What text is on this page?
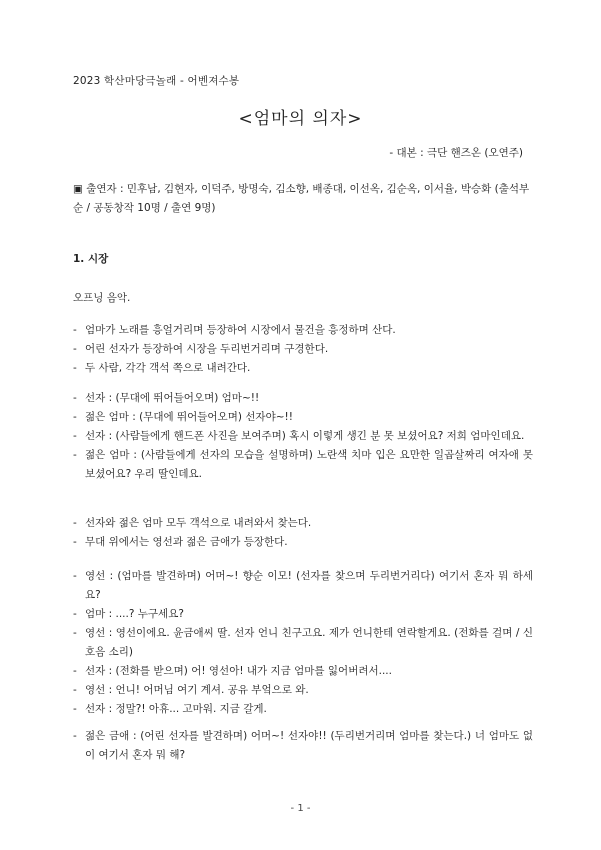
2023 학산마당극놀래 - 어벤져수봉
<엄마의 의자>
- 대본 : 극단 핸즈온 (오연주)
▣ 출연자 : 민후남, 김현자, 이덕주, 방명숙, 김소향, 배종대, 이선옥, 김순옥, 이서율, 박승화 (출석부 순 / 공동창작 10명 / 출연 9명)
1. 시장
오프닝 음악.
- 엄마가 노래를 흥얼거리며 등장하여 시장에서 물건을 흥정하며 산다.
- 어린 선자가 등장하여 시장을 두리번거리며 구경한다.
- 두 사람, 각각 객석 쪽으로 내려간다.
- 선자 : (무대에 뛰어들어오며) 엄마~!!
- 젊은 엄마 : (무대에 뛰어들어오며) 선자야~!!
- 선자 : (사람들에게 핸드폰 사진을 보여주며) 혹시 이렇게 생긴 분 못 보셨어요? 저희 엄마인데요.
- 젊은 엄마 : (사람들에게 선자의 모습을 설명하며) 노란색 치마 입은 요만한 일곱살짜리 여자애 못 보셨어요? 우리 딸인데요.
- 선자와 젊은 엄마 모두 객석으로 내려와서 찾는다.
- 무대 위에서는 영선과 젊은 금애가 등장한다.
- 영선 : (엄마를 발견하며) 어머~! 향순 이모! (선자를 찾으며 두리번거리다) 여기서 혼자 뭐 하세요?
- 엄마 : ....? 누구세요?
- 영선 : 영선이에요. 윤금애씨 딸. 선자 언니 친구고요. 제가 언니한테 연락할게요. (전화를 걸며 / 신호음 소리)
- 선자 : (전화를 받으며) 어! 영선아! 내가 지금 엄마를 잃어버려서....
- 영선 : 언니! 어머님 여기 계셔. 공유 부엌으로 와.
- 선자 : 정말?! 아휴... 고마워. 지금 갈게.
- 젊은 금애 : (어린 선자를 발견하며) 어머~! 선자야!! (두리번거리며 엄마를 찾는다.) 너 엄마도 없이 여기서 혼자 뭐 해?
- 1 -
